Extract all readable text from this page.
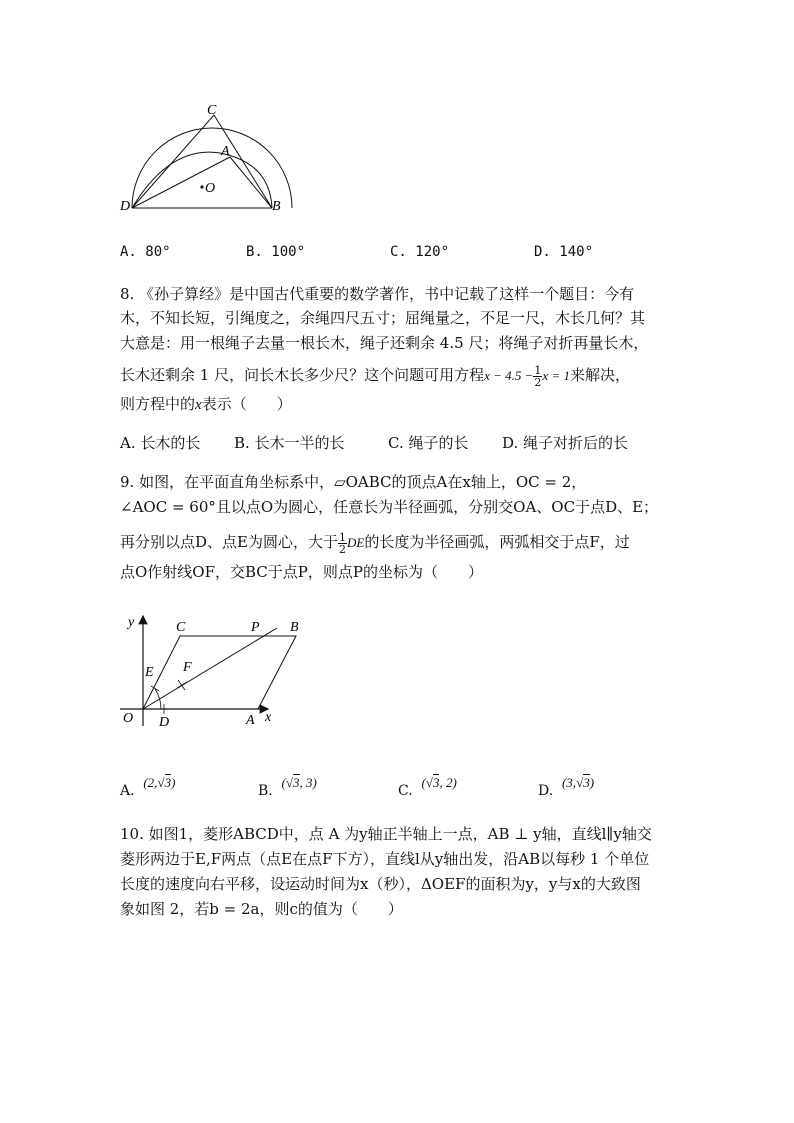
C
A
O
D	B
A. 80°	B. 100°	C. 120°	D. 140°
8. 《孙子算经》是中国古代重要的数学著作，书中记载了这样一个题目：今有
木，不知长短，引绳度之，余绳四尺五寸；屈绳量之，不足一尺，木长几何？其
大意是：用一根绳子去量一根长木，绳子还剩余 4.5 尺；将绳子对折再量长木，
长木还剩余 1 尺，问长木长多少尺？这个问题可用方程$x - 4.5 - \frac{1}{2}$ x = 1来解决，
则方程中的x表示（　　）
A. 长木的长 B. 长木一半的长	C. 绳子的长 D. 绳子对折后的长
9. 如图，在平面直角坐标系中，▱OABC的顶点A在x轴上，OC = 2，
∠AOC = 60°且以点O为圆心，任意长为半径画弧，分别交OA、OC于点D、E；
再分别以点D、点E为圆心，大于 $\frac{1}{2}$ DE的长度为半径画弧，两弧相交于点F，过
点O作射线OF，交BC于点P，则点P的坐标为（　　）
y	C	P B
E F
O D	A x
A. (2,√3)
B. (√3, 3)
C. (√3, 2)
D. (3,√3)
10. 如图1，菱形ABCD中，点 A 为y轴正半轴上一点，AB ⊥ y轴，直线l∥y轴交
菱形两边于E,F两点（点E在点F下方），直线l从y轴出发，沿AB以每秒 1 个单位
长度的速度向右平移，设运动时间为x（秒），ΔOEF的面积为y，y与x的大致图
象如图 2，若b = 2a，则c的值为（　　）
